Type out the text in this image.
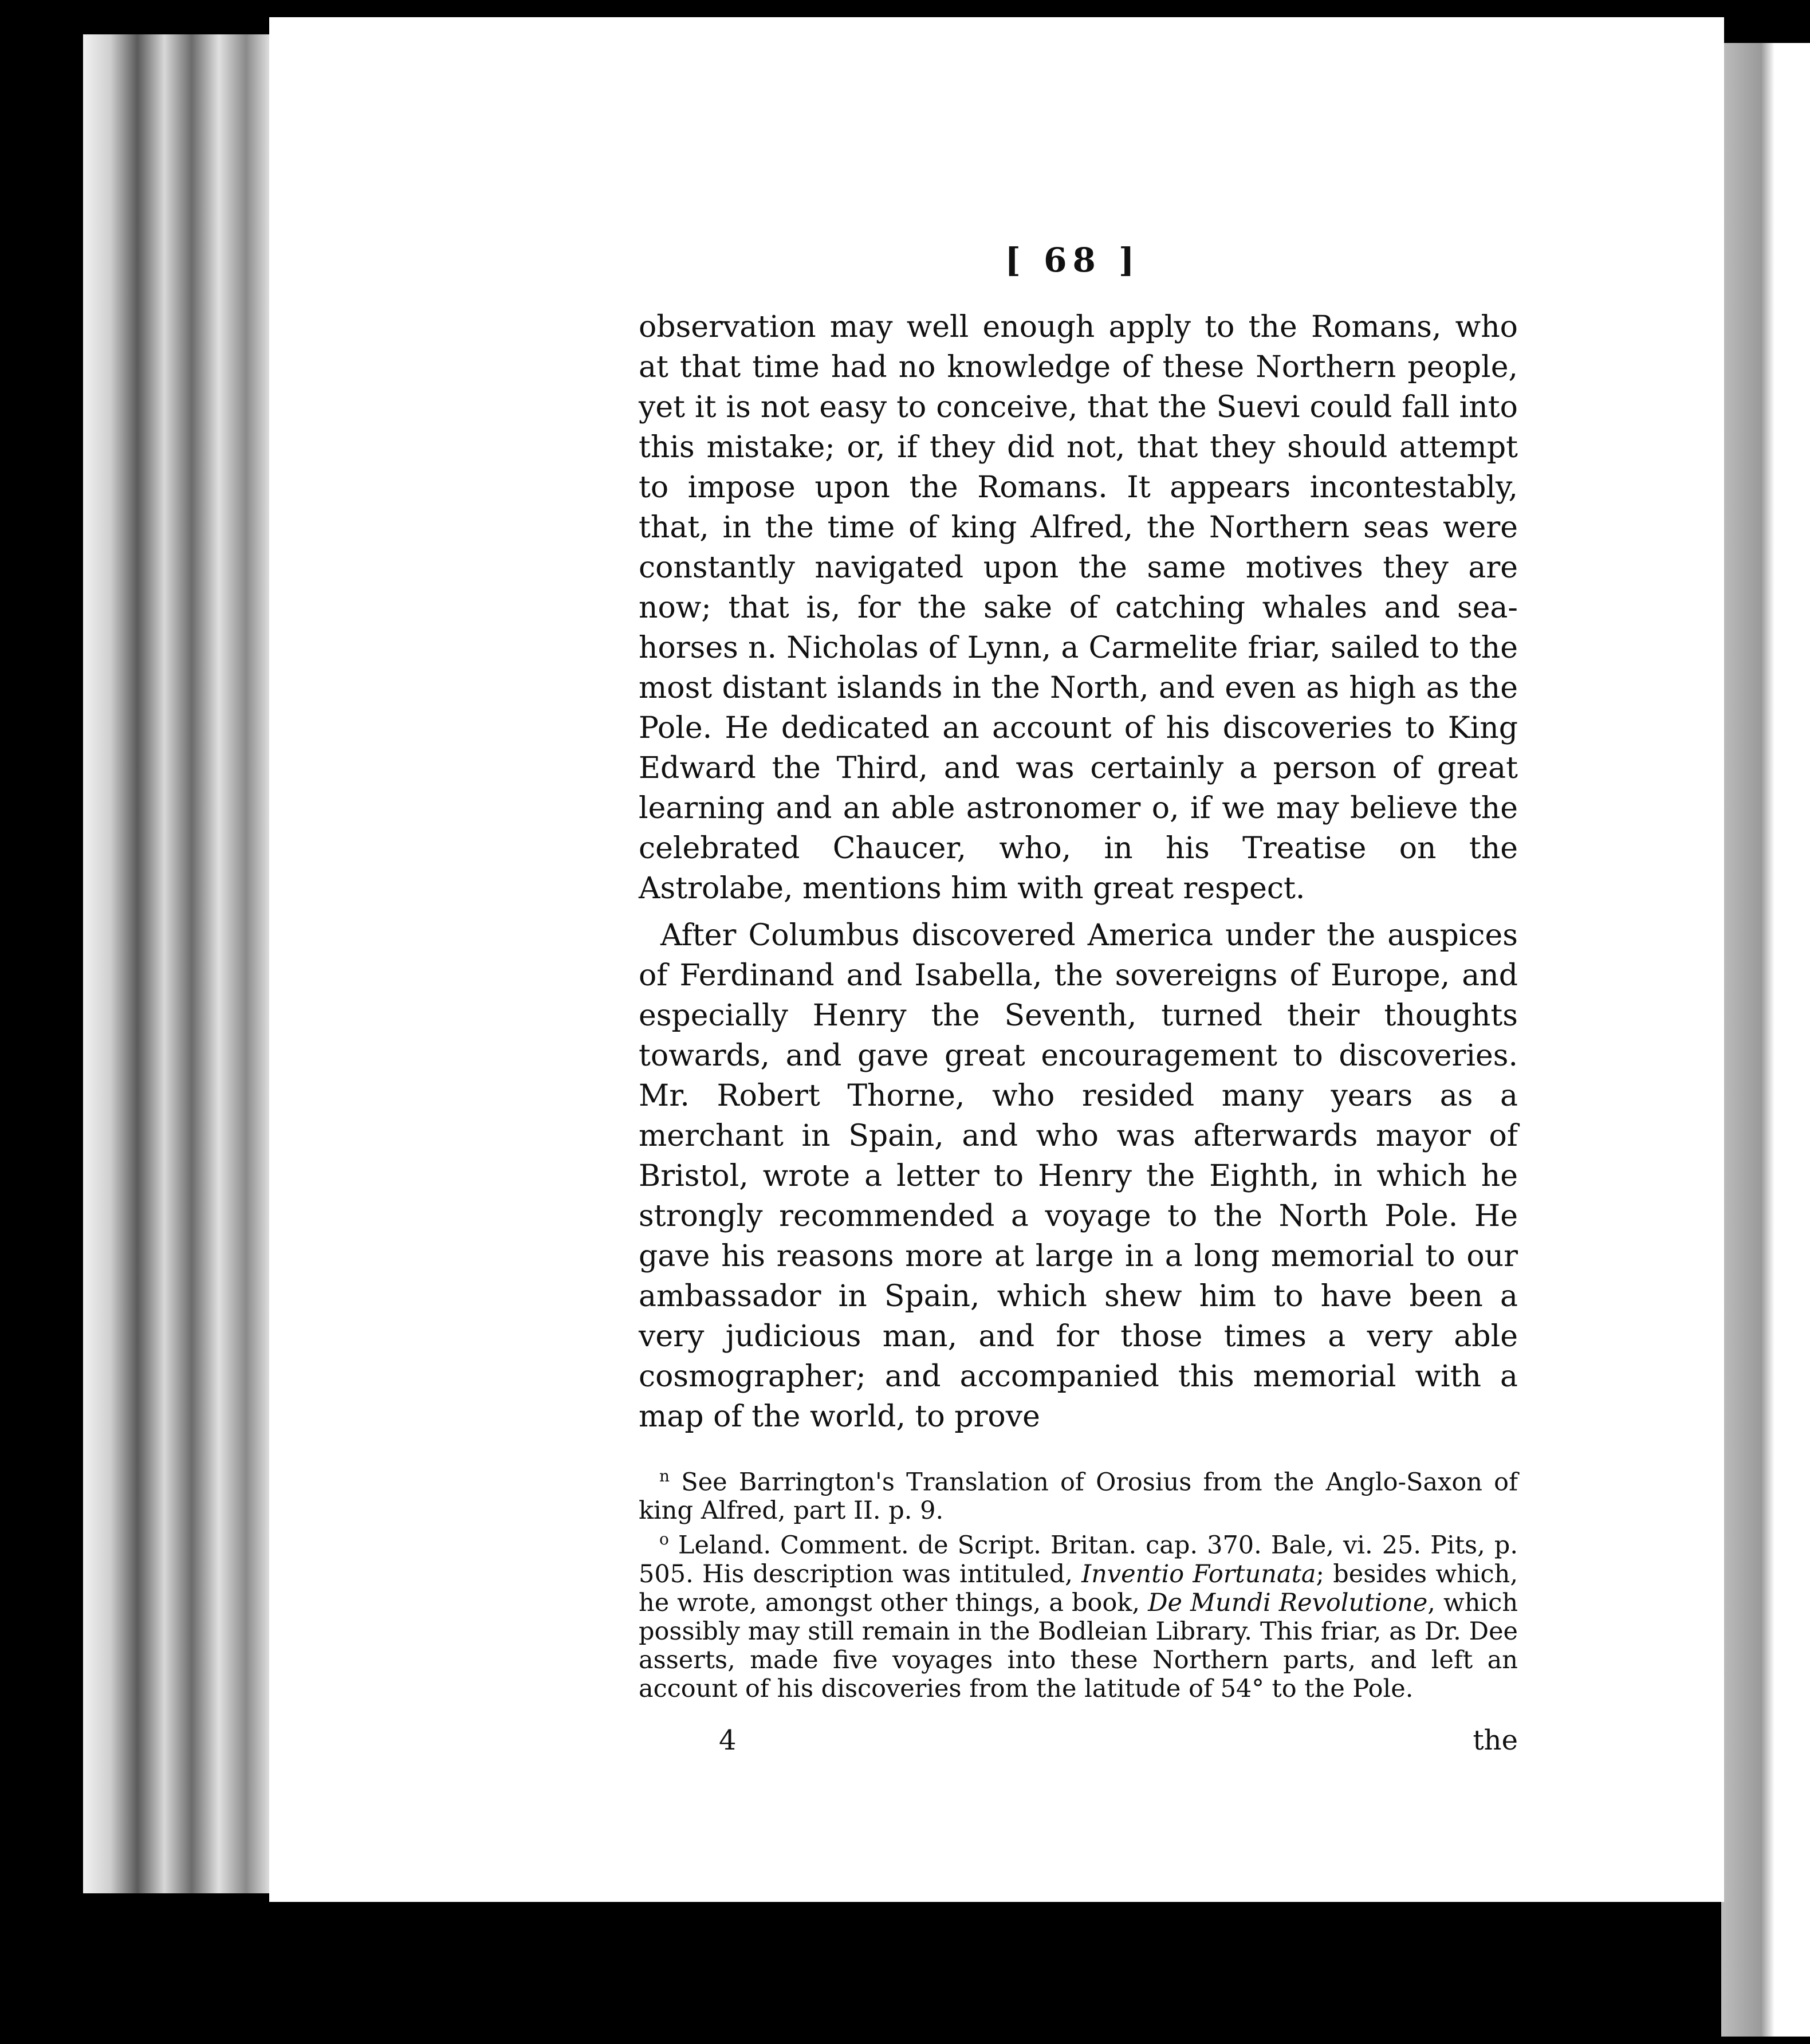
[ 68 ]

observation may well enough apply to the Romans, who at that time had no knowledge of these Northern people, yet it is not easy to conceive, that the Suevi could fall into this mistake; or, if they did not, that they should attempt to impose upon the Romans. It appears incontestably, that, in the time of king Alfred, the Northern seas were constantly navigated upon the same motives they are now; that is, for the sake of catching whales and sea-horses n. Nicholas of Lynn, a Carmelite friar, sailed to the most distant islands in the North, and even as high as the Pole. He dedicated an account of his discoveries to King Edward the Third, and was certainly a person of great learning and an able astronomer o, if we may believe the celebrated Chaucer, who, in his Treatise on the Astrolabe, mentions him with great respect.

After Columbus discovered America under the auspices of Ferdinand and Isabella, the sovereigns of Europe, and especially Henry the Seventh, turned their thoughts towards, and gave great encouragement to discoveries. Mr. Robert Thorne, who resided many years as a merchant in Spain, and who was afterwards mayor of Bristol, wrote a letter to Henry the Eighth, in which he strongly recommended a voyage to the North Pole. He gave his reasons more at large in a long memorial to our ambassador in Spain, which shew him to have been a very judicious man, and for those times a very able cosmographer; and accompanied this memorial with a map of the world, to prove

$^n$ See Barrington's Translation of Orosius from the Anglo-Saxon of king Alfred, part II. p. 9.

$^o$ Leland. Comment. de Script. Britan. cap. 370. Bale, vi. 25. Pits, p. 505. His description was intituled, Inventio Fortunata; besides which, he wrote, amongst other things, a book, De Mundi Revolutione, which possibly may still remain in the Bodleian Library. This friar, as Dr. Dee asserts, made five voyages into these Northern parts, and left an account of his discoveries from the latitude of 54° to the Pole.

4	the
